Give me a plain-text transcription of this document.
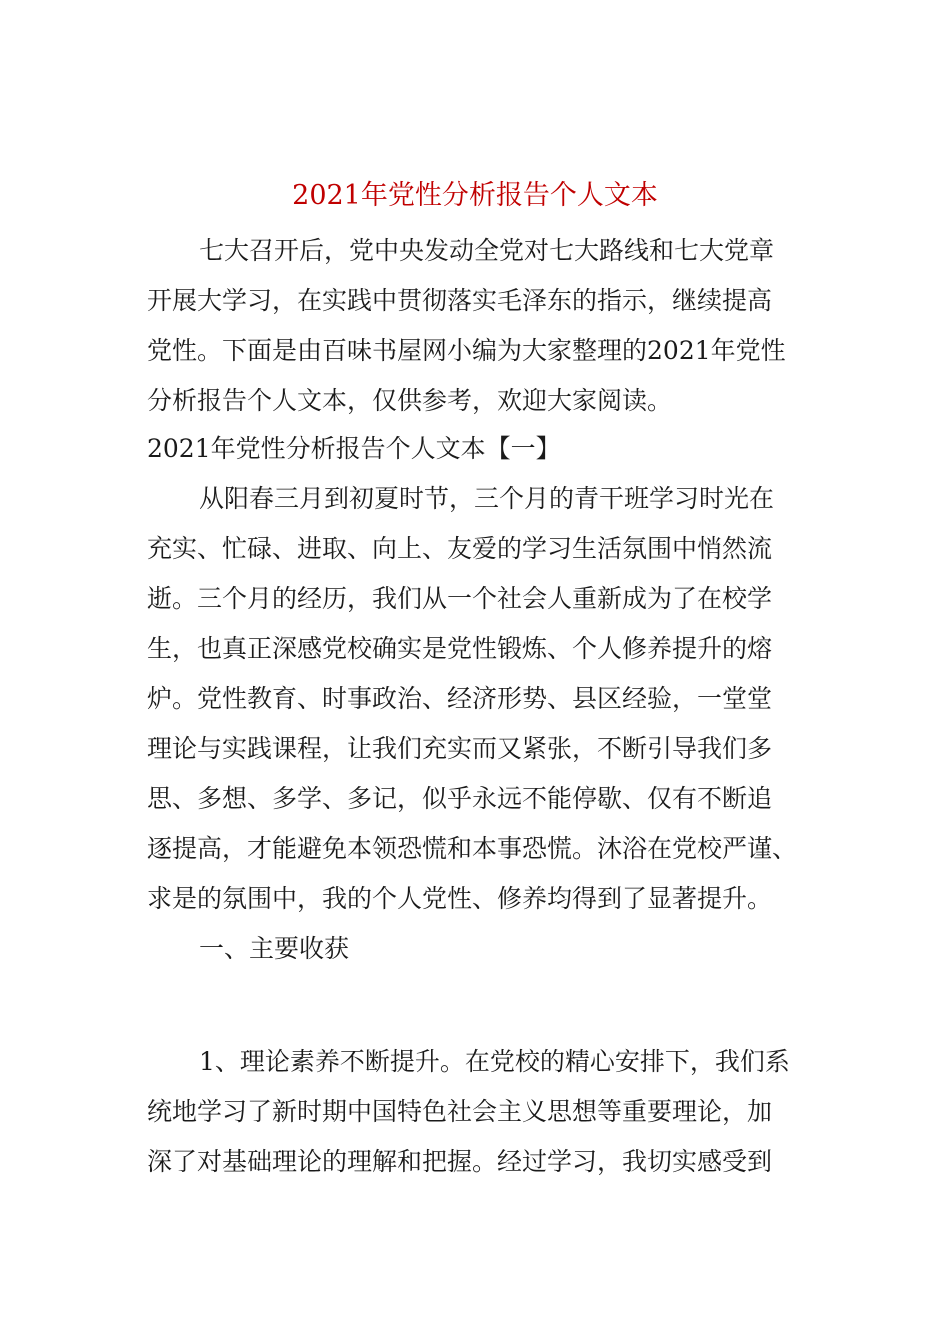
2021年党性分析报告个人文本
七大召开后，党中央发动全党对七大路线和七大党章
开展大学习，在实践中贯彻落实毛泽东的指示，继续提高
党性。下面是由百味书屋网小编为大家整理的2021年党性
分析报告个人文本，仅供参考，欢迎大家阅读。
2021年党性分析报告个人文本【一】
从阳春三月到初夏时节，三个月的青干班学习时光在
充实、忙碌、进取、向上、友爱的学习生活氛围中悄然流
逝。三个月的经历，我们从一个社会人重新成为了在校学
生，也真正深感党校确实是党性锻炼、个人修养提升的熔
炉。党性教育、时事政治、经济形势、县区经验，一堂堂
理论与实践课程，让我们充实而又紧张，不断引导我们多
思、多想、多学、多记，似乎永远不能停歇、仅有不断追
逐提高，才能避免本领恐慌和本事恐慌。沐浴在党校严谨、
求是的氛围中，我的个人党性、修养均得到了显著提升。
一、主要收获
1、理论素养不断提升。在党校的精心安排下，我们系
统地学习了新时期中国特色社会主义思想等重要理论，加
深了对基础理论的理解和把握。经过学习，我切实感受到
